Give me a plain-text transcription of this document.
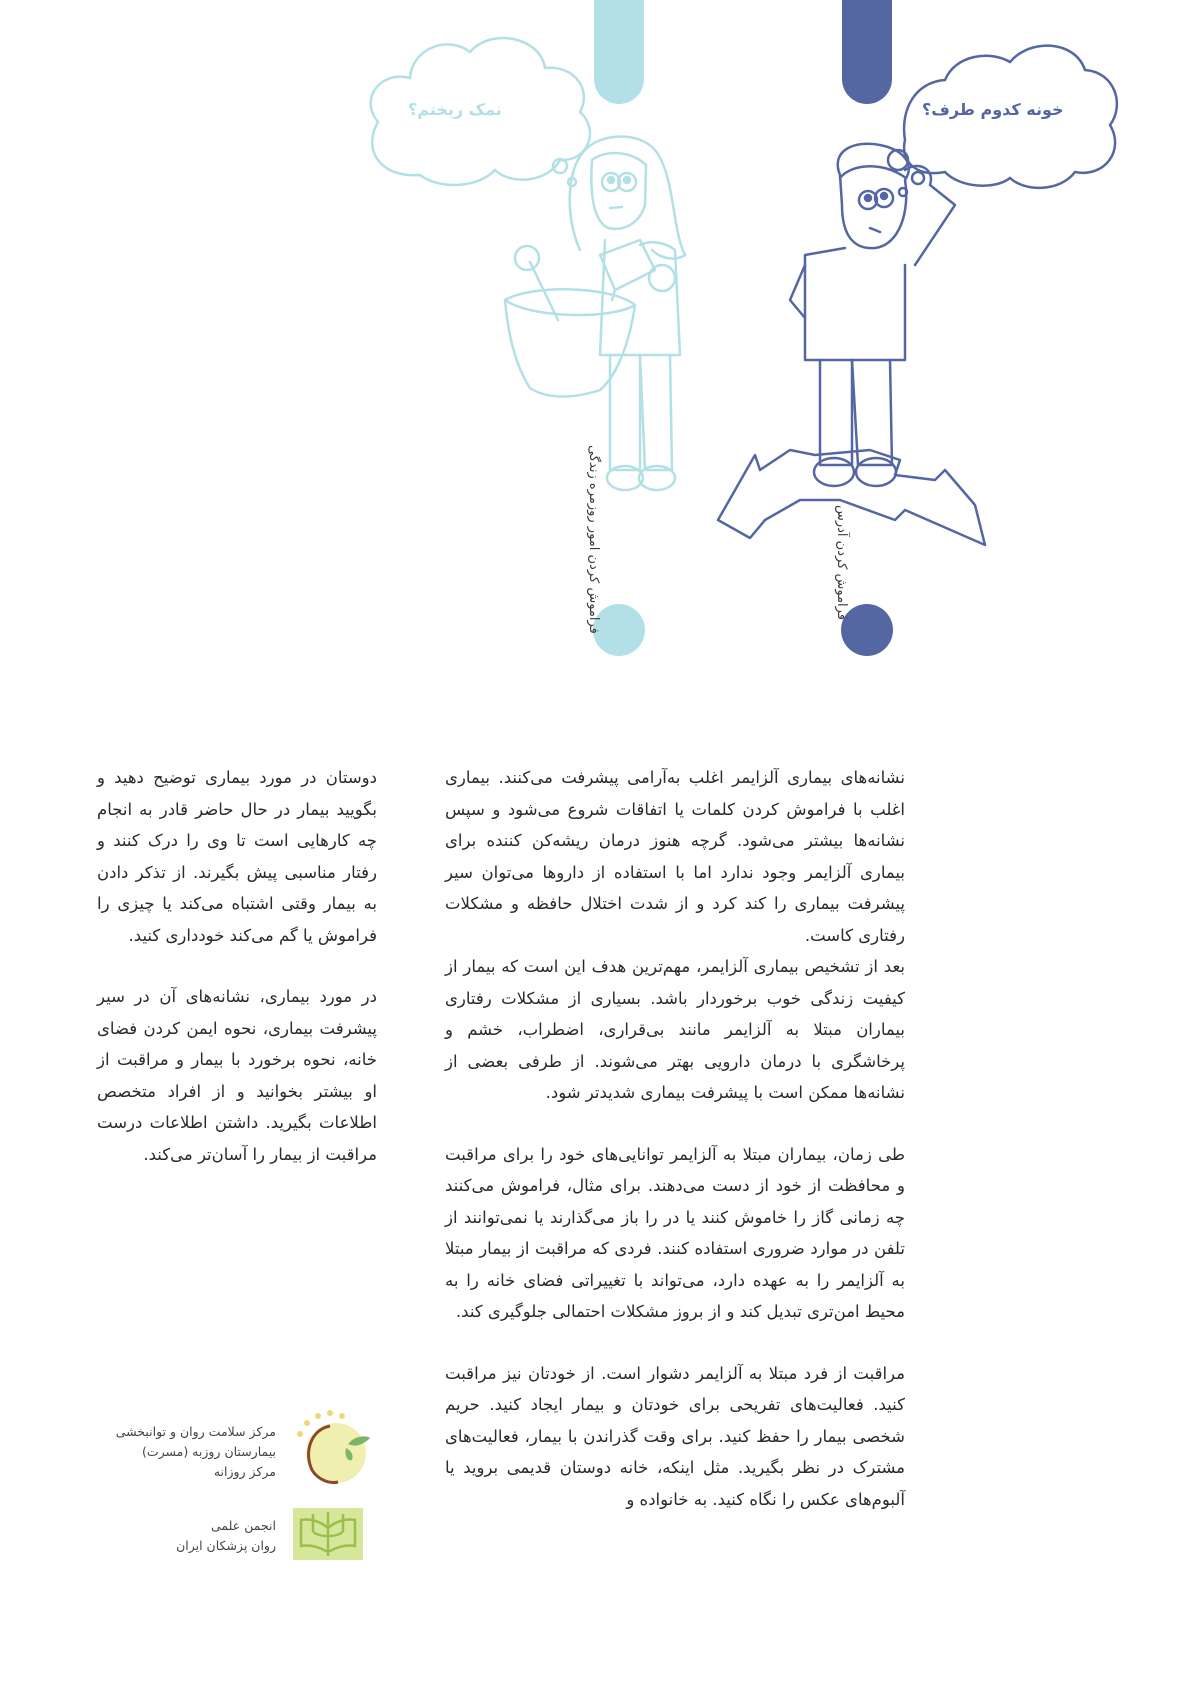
نمک ریختم؟	خونه کدوم طرف؟
فراموش کردن امور روزمره زندگی	فراموش کردن آدرس

نشانه‌های بیماری آلزایمر اغلب به‌آرامی پیشرفت می‌کنند. بیماری اغلب با فراموش کردن کلمات یا اتفاقات شروع می‌شود و سپس نشانه‌ها بیشتر می‌شود. گرچه هنوز درمان ریشه‌کن کننده برای بیماری آلزایمر وجود ندارد اما با استفاده از داروها می‌توان سیر پیشرفت بیماری را کند کرد و از شدت اختلال حافظه و مشکلات رفتاری کاست.

بعد از تشخیص بیماری آلزایمر، مهم‌ترین هدف این است که بیمار از کیفیت زندگی خوب برخوردار باشد. بسیاری از مشکلات رفتاری بیماران مبتلا به آلزایمر مانند بی‌قراری، اضطراب، خشم و پرخاشگری با درمان دارویی بهتر می‌شوند. از طرفی بعضی از نشانه‌ها ممکن است با پیشرفت بیماری شدیدتر شود.

طی زمان، بیماران مبتلا به آلزایمر توانایی‌های خود را برای مراقبت و محافظت از خود از دست می‌دهند. برای مثال، فراموش می‌کنند چه زمانی گاز را خاموش کنند یا در را باز می‌گذارند یا نمی‌توانند از تلفن در موارد ضروری استفاده کنند. فردی که مراقبت از بیمار مبتلا به آلزایمر را به عهده دارد، می‌تواند با تغییراتی فضای خانه را به محیط امن‌تری تبدیل کند و از بروز مشکلات احتمالی جلوگیری کند.

مراقبت از فرد مبتلا به آلزایمر دشوار است. از خودتان نیز مراقبت کنید. فعالیت‌های تفریحی برای خودتان و بیمار ایجاد کنید. حریم شخصی بیمار را حفظ کنید. برای وقت گذراندن با بیمار، فعالیت‌های مشترک در نظر بگیرید. مثل اینکه، خانه دوستان قدیمی بروید یا آلبوم‌های عکس را نگاه کنید. به خانواده و

دوستان در مورد بیماری توضیح دهید و بگویید بیمار در حال حاضر قادر به انجام چه کارهایی است تا وی را درک کنند و رفتار مناسبی پیش بگیرند. از تذکر دادن به بیمار وقتی اشتباه می‌کند یا چیزی را فراموش یا گم می‌کند خودداری کنید.

در مورد بیماری، نشانه‌های آن در سیر پیشرفت بیماری، نحوه ایمن کردن فضای خانه، نحوه برخورد با بیمار و مراقبت از او بیشتر بخوانید و از افراد متخصص اطلاعات بگیرید. داشتن اطلاعات درست مراقبت از بیمار را آسان‌تر می‌کند.

مرکز سلامت روان و توانبخشی
بیمارستان روزبه (مسرت)
مرکز روزانه
انجمن علمی
روان پزشکان ایران
